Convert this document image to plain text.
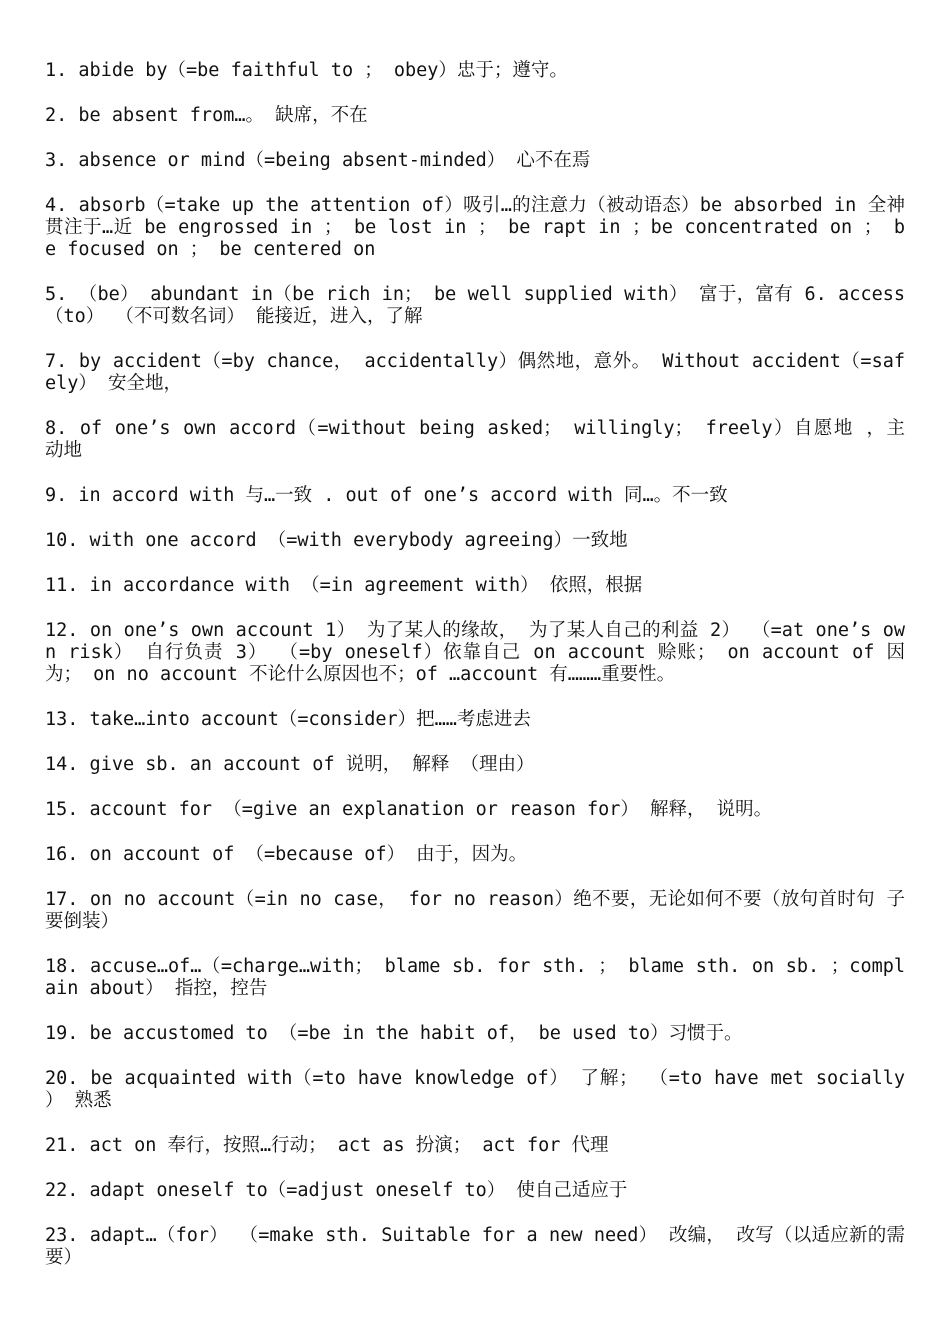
1. abide by（=be faithful to ； obey）忠于；遵守。

2. be absent from…。 缺席，不在

3. absence or mind（=being absent-minded） 心不在焉

4. absorb（=take up the attention of）吸引…的注意力（被动语态）be absorbed in 全神贯注于…近 be engrossed in ； be lost in ； be rapt in ；be concentrated on ； be focused on ； be centered on

5. （be） abundant in（be rich in； be well supplied with） 富于，富有 6. access （to） （不可数名词） 能接近，进入，了解

7. by accident（=by chance， accidentally）偶然地，意外。 Without accident（=safely） 安全地，

8. of one’s own accord（=without being asked； willingly； freely）自愿地 ，主 动地

9. in accord with 与…一致 . out of one’s accord with 同…。不一致

10. with one accord （=with everybody agreeing）一致地

11. in accordance with （=in agreement with） 依照，根据

12. on one’s own account 1） 为了某人的缘故， 为了某人自己的利益 2） （=at one’s own risk） 自行负责 3） （=by oneself）依靠自己 on account 赊账； on account of 因为； on no account 不论什么原因也不；of …account 有………重要性。

13. take…into account（=consider）把……考虑进去

14. give sb. an account of 说明， 解释 （理由）

15. account for （=give an explanation or reason for） 解释， 说明。

16. on account of （=because of） 由于，因为。

17. on no account（=in no case， for no reason）绝不要，无论如何不要（放句首时句 子要倒装）

18. accuse…of…（=charge…with； blame sb. for sth. ； blame sth. on sb. ；complain about） 指控，控告

19. be accustomed to （=be in the habit of， be used to）习惯于。

20. be acquainted with（=to have knowledge of） 了解； （=to have met socially ） 熟悉

21. act on 奉行，按照…行动； act as 扮演； act for 代理

22. adapt oneself to（=adjust oneself to） 使自己适应于

23. adapt…（for） （=make sth. Suitable for a new need） 改编， 改写（以适应新的需要）
